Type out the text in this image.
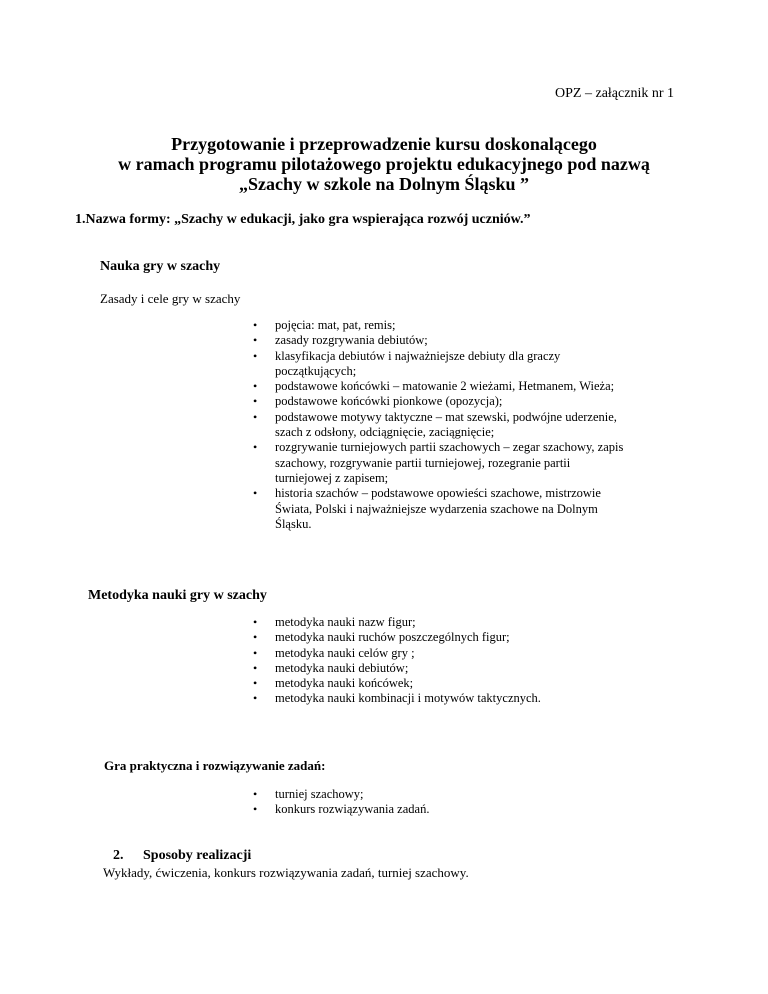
OPZ – załącznik nr 1
Przygotowanie i przeprowadzenie kursu doskonalącego
w ramach programu pilotażowego projektu edukacyjnego pod nazwą
„Szachy w szkole na Dolnym Śląsku ”
1.Nazwa formy: „Szachy w edukacji, jako gra wspierająca rozwój uczniów.”
Nauka gry w szachy
Zasady i cele gry w szachy
• pojęcia: mat, pat, remis;
• zasady rozgrywania debiutów;
• klasyfikacja debiutów i najważniejsze debiuty dla graczy
początkujących;
• podstawowe końcówki – matowanie 2 wieżami, Hetmanem, Wieża;
• podstawowe końcówki pionkowe (opozycja);
• podstawowe motywy taktyczne – mat szewski, podwójne uderzenie,
szach z odsłony, odciągnięcie, zaciągnięcie;
• rozgrywanie turniejowych partii szachowych – zegar szachowy, zapis
szachowy, rozgrywanie partii turniejowej, rozegranie partii
turniejowej z zapisem;
• historia szachów – podstawowe opowieści szachowe, mistrzowie
Świata, Polski i najważniejsze wydarzenia szachowe na Dolnym
Śląsku.
Metodyka nauki gry w szachy
• metodyka nauki nazw figur;
• metodyka nauki ruchów poszczególnych figur;
• metodyka nauki celów gry ;
• metodyka nauki debiutów;
• metodyka nauki końcówek;
• metodyka nauki kombinacji i motywów taktycznych.
Gra praktyczna i rozwiązywanie zadań:
• turniej szachowy;
• konkurs rozwiązywania zadań.
2. Sposoby realizacji
Wykłady, ćwiczenia, konkurs rozwiązywania zadań, turniej szachowy.
